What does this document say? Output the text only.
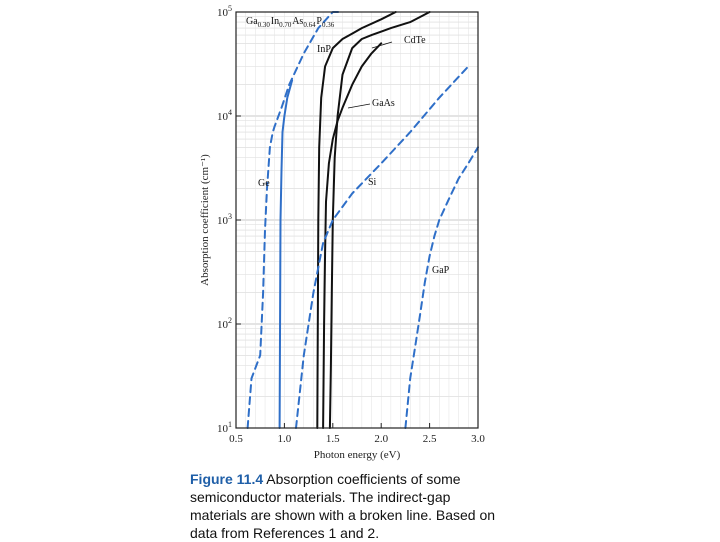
0.5	1.0	1.5	2.0	2.5	3.0
$10^1$
$10^2$
$10^3$
$10^4$
$10^5$
$Ga_{0.30}$ $In_{0.70}$ $As_{0.64}$ $P_{0.36}$ 
Ge
InP
CdTe
GaAs
Si
GaP
Photon energy (eV)
Absorption coefficient (cm⁻¹)
Figure 11.4 Absorption coefficients of some semiconductor materials. The indirect-gap materials are shown with a broken line. Based on data from References 1 and 2.
